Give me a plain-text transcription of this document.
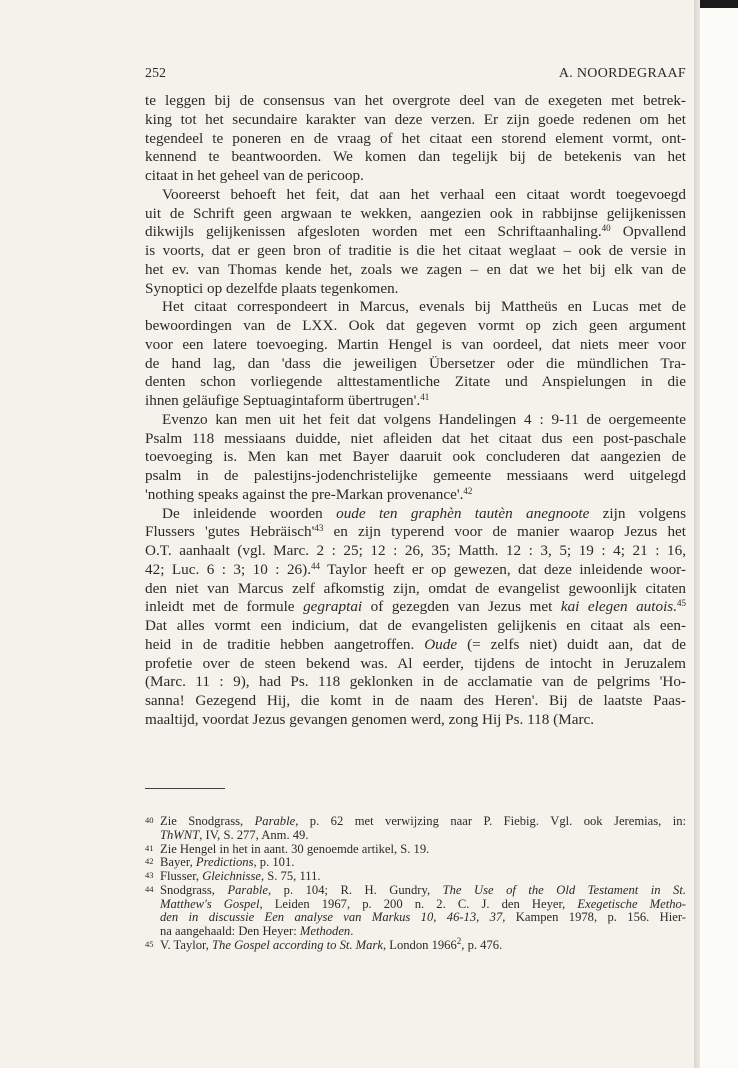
252	A. NOORDEGRAAF
te leggen bij de consensus van het overgrote deel van de exegeten met betrek-
king tot het secundaire karakter van deze verzen. Er zijn goede redenen om het
tegendeel te poneren en de vraag of het citaat een storend element vormt, ont-
kennend te beantwoorden. We komen dan tegelijk bij de betekenis van het
citaat in het geheel van de pericoop.
Vooreerst behoeft het feit, dat aan het verhaal een citaat wordt toegevoegd
uit de Schrift geen argwaan te wekken, aangezien ook in rabbijnse gelijkenissen
dikwijls gelijkenissen afgesloten worden met een Schriftaanhaling.$^{40}$ Opvallend
is voorts, dat er geen bron of traditie is die het citaat weglaat – ook de versie in
het ev. van Thomas kende het, zoals we zagen – en dat we het bij elk van de
Synoptici op dezelfde plaats tegenkomen.
Het citaat correspondeert in Marcus, evenals bij Mattheüs en Lucas met de
bewoordingen van de LXX. Ook dat gegeven vormt op zich geen argument
voor een latere toevoeging. Martin Hengel is van oordeel, dat niets meer voor
de hand lag, dan 'dass die jeweiligen Übersetzer oder die mündlichen Tra-
denten schon vorliegende alttestamentliche Zitate und Anspielungen in die
ihnen geläufige Septuagintaform übertrugen'.$^{41}$
Evenzo kan men uit het feit dat volgens Handelingen 4 : 9-11 de oergemeente
Psalm 118 messiaans duidde, niet afleiden dat het citaat dus een post-paschale
toevoeging is. Men kan met Bayer daaruit ook concluderen dat aangezien de
psalm in de palestijns-jodenchristelijke gemeente messiaans werd uitgelegd
'nothing speaks against the pre-Markan provenance'.$^{42}$
De inleidende woorden oude ten graphèn tautèn anegnoote zijn volgens
Flussers 'gutes $Hebräisch'^{43}$ en zijn typerend voor de manier waarop Jezus het
O.T. aanhaalt (vgl. Marc. 2 : 25; 12 : 26, 35; Matth. 12 : 3, 5; 19 : 4; 21 : 16,
42; Luc. 6 : 3; 10 : 26).$^{44}$ Taylor heeft er op gewezen, dat deze inleidende woor-
den niet van Marcus zelf afkomstig zijn, omdat de evangelist gewoonlijk citaten
inleidt met de formule gegraptai of gezegden van Jezus met kai elegen autois.$^{45}$
Dat alles vormt een indicium, dat de evangelisten gelijkenis en citaat als een-
heid in de traditie hebben aangetroffen. Oude (= zelfs niet) duidt aan, dat de
profetie over de steen bekend was. Al eerder, tijdens de intocht in Jeruzalem
(Marc. 11 : 9), had Ps. 118 geklonken in de acclamatie van de pelgrims 'Ho-
sanna! Gezegend Hij, die komt in de naam des Heren'. Bij de laatste Paas-
maaltijd, voordat Jezus gevangen genomen werd, zong Hij Ps. 118 (Marc.
40 Zie Snodgrass, Parable, p. 62 met verwijzing naar P. Fiebig. Vgl. ook Jeremias, in:
ThWNT, IV, S. 277, Anm. 49.
41 Zie Hengel in het in aant. 30 genoemde artikel, S. 19.
42 Bayer, Predictions, p. 101.
43 Flusser, Gleichnisse, S. 75, 111.
44 Snodgrass, Parable, p. 104; R. H. Gundry, The Use of the Old Testament in St.
Matthew's Gospel, Leiden 1967, p. 200 n. 2. C. J. den Heyer, Exegetische Metho-
den in discussie Een analyse van Markus 10, 46-13, 37, Kampen 1978, p. 156. Hier-
na aangehaald: Den Heyer: Methoden.
45 V. Taylor, The Gospel according to St. Mark, London 1966$^2$, p. 476.
